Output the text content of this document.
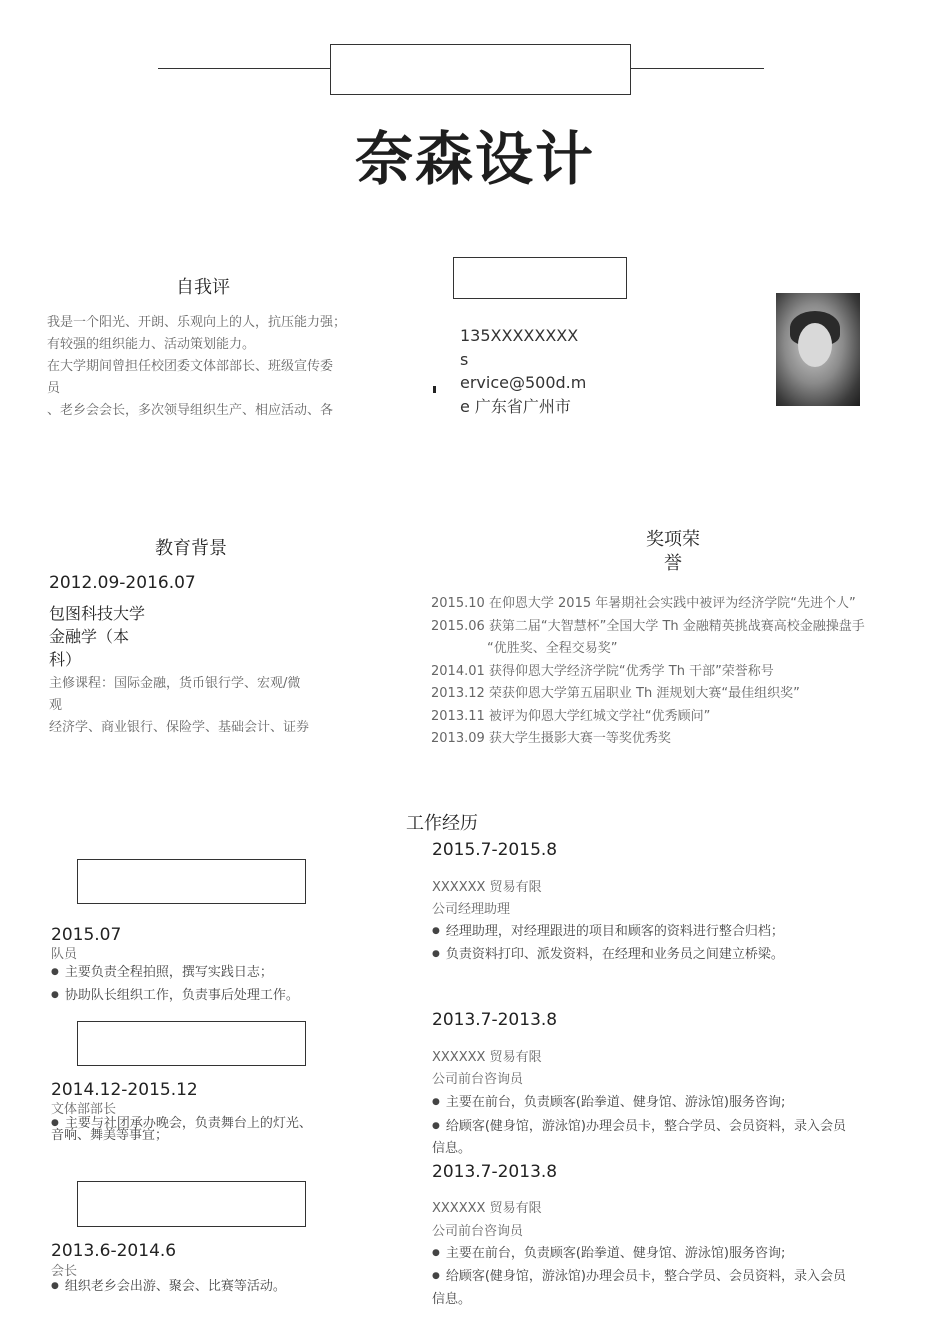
奈森设计
自我评
我是一个阳光、开朗、乐观向上的人，抗压能力强；
有较强的组织能力、活动策划能力。
在大学期间曾担任校团委文体部部长、班级宣传委
员
、老乡会会长，多次领导组织生产、相应活动、各
135XXXXXXXX
s
ervice@500d.m
e 广东省广州市
教育背景
2012.09-2016.07
包图科技大学
金融学（本
科）
主修课程：国际金融，货币银行学、宏观/微
观
经济学、商业银行、保险学、基础会计、证券
奖项荣
誉
2015.10 在仰恩大学 2015 年暑期社会实践中被评为经济学院“先进个人”
2015.06 获第二届“大智慧杯”全国大学 Th 金融精英挑战赛高校金融操盘手
“优胜奖、全程交易奖”
2014.01 获得仰恩大学经济学院“优秀学 Th 干部”荣誉称号
2013.12 荣获仰恩大学第五届职业 Th 涯规划大赛“最佳组织奖”
2013.11 被评为仰恩大学红城文学社“优秀顾问”
2013.09 获大学生摄影大赛一等奖优秀奖
2015.07
队员
● 主要负责全程拍照，撰写实践日志；
● 协助队长组织工作，负责事后处理工作。
2014.12-2015.12
文体部部长
● 主要与社团承办晚会，负责舞台上的灯光、
音响、舞美等事宜；
2013.6-2014.6
会长
● 组织老乡会出游、聚会、比赛等活动。
工作经历
2015.7-2015.8
XXXXXX 贸易有限
公司经理助理
● 经理助理，对经理跟进的项目和顾客的资料进行整合归档；
● 负责资料打印、派发资料，在经理和业务员之间建立桥梁。
2013.7-2013.8
XXXXXX 贸易有限
公司前台咨询员
● 主要在前台，负责顾客(跆拳道、健身馆、游泳馆)服务咨询;
● 给顾客(健身馆，游泳馆)办理会员卡，整合学员、会员资料，录入会员
信息。
2013.7-2013.8
XXXXXX 贸易有限
公司前台咨询员
● 主要在前台，负责顾客(跆拳道、健身馆、游泳馆)服务咨询;
● 给顾客(健身馆，游泳馆)办理会员卡，整合学员、会员资料，录入会员
信息。
